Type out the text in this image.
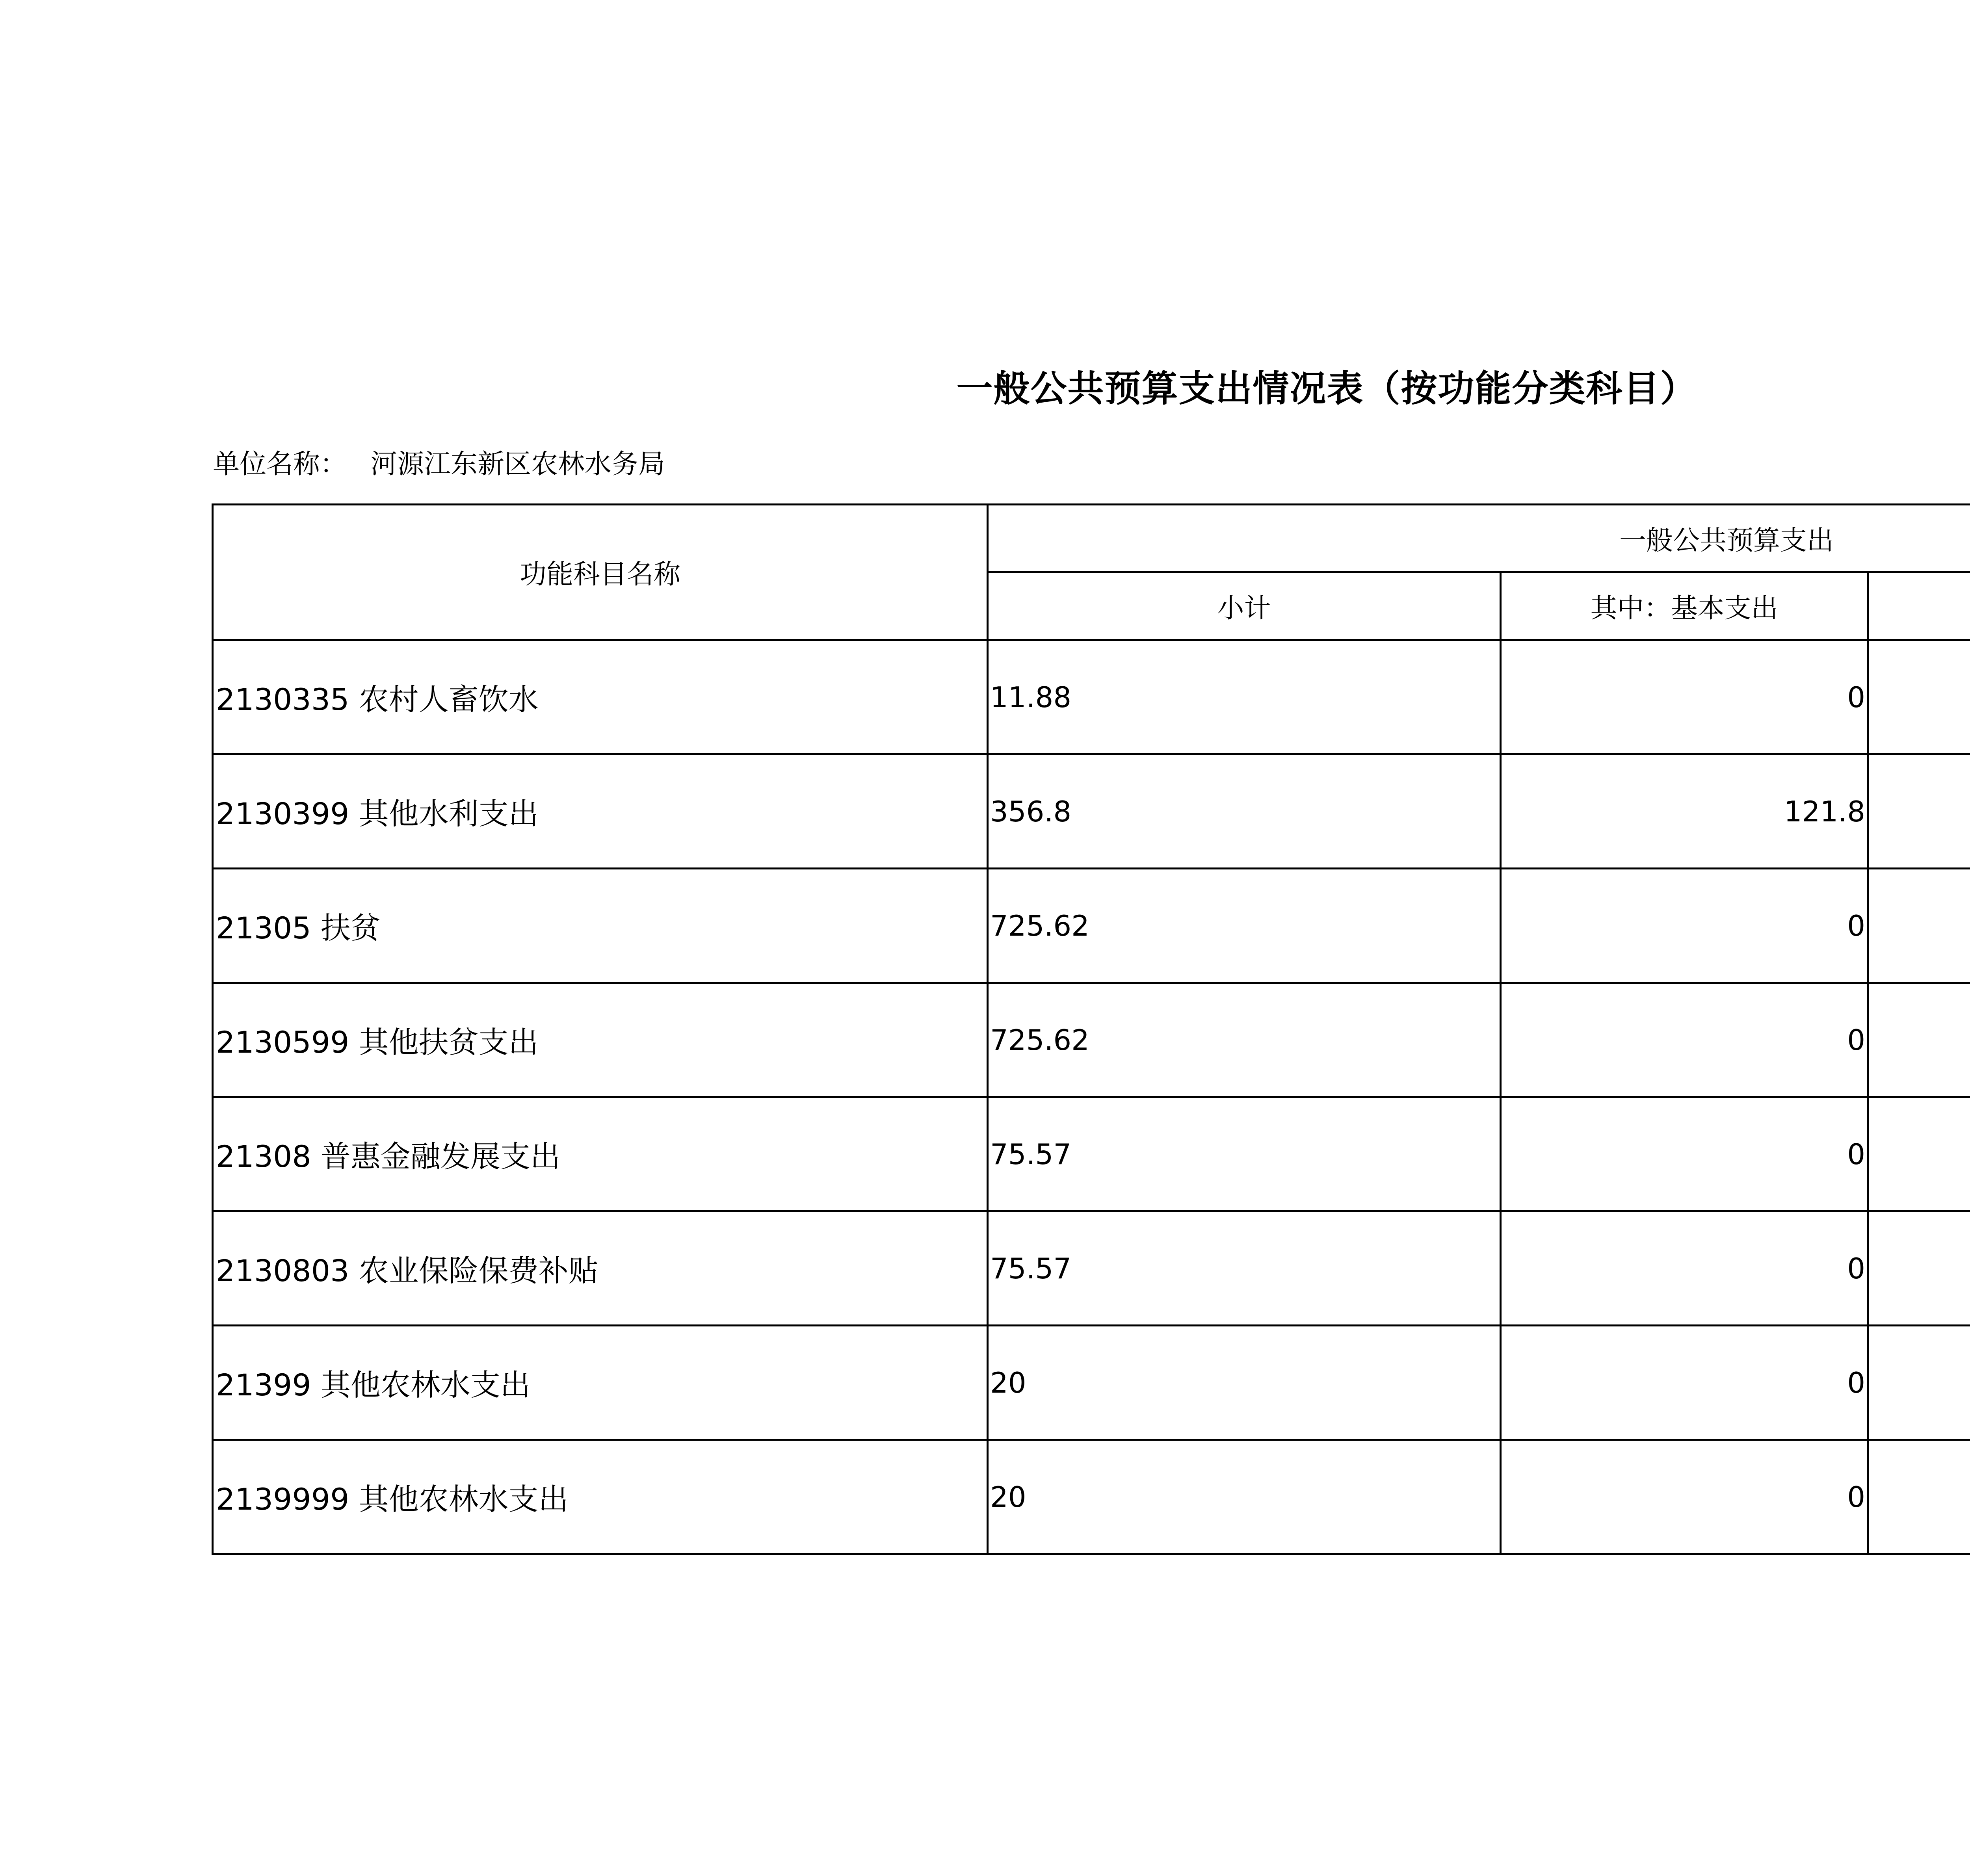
一般公共预算支出情况表（按功能分类科目）
单位名称： 河源江东新区农林水务局
功能科目名称	一般公共预算支出		
	小计	其中：基本支出	
2130335 农村人畜饮水	11.88	0	
2130399 其他水利支出	356.8	121.8	
21305 扶贫	725.62	0	
2130599 其他扶贫支出	725.62	0	
21308 普惠金融发展支出	75.57	0	
2130803 农业保险保费补贴	75.57	0	
21399 其他农林水支出	20	0	
2139999 其他农林水支出	20	0	
